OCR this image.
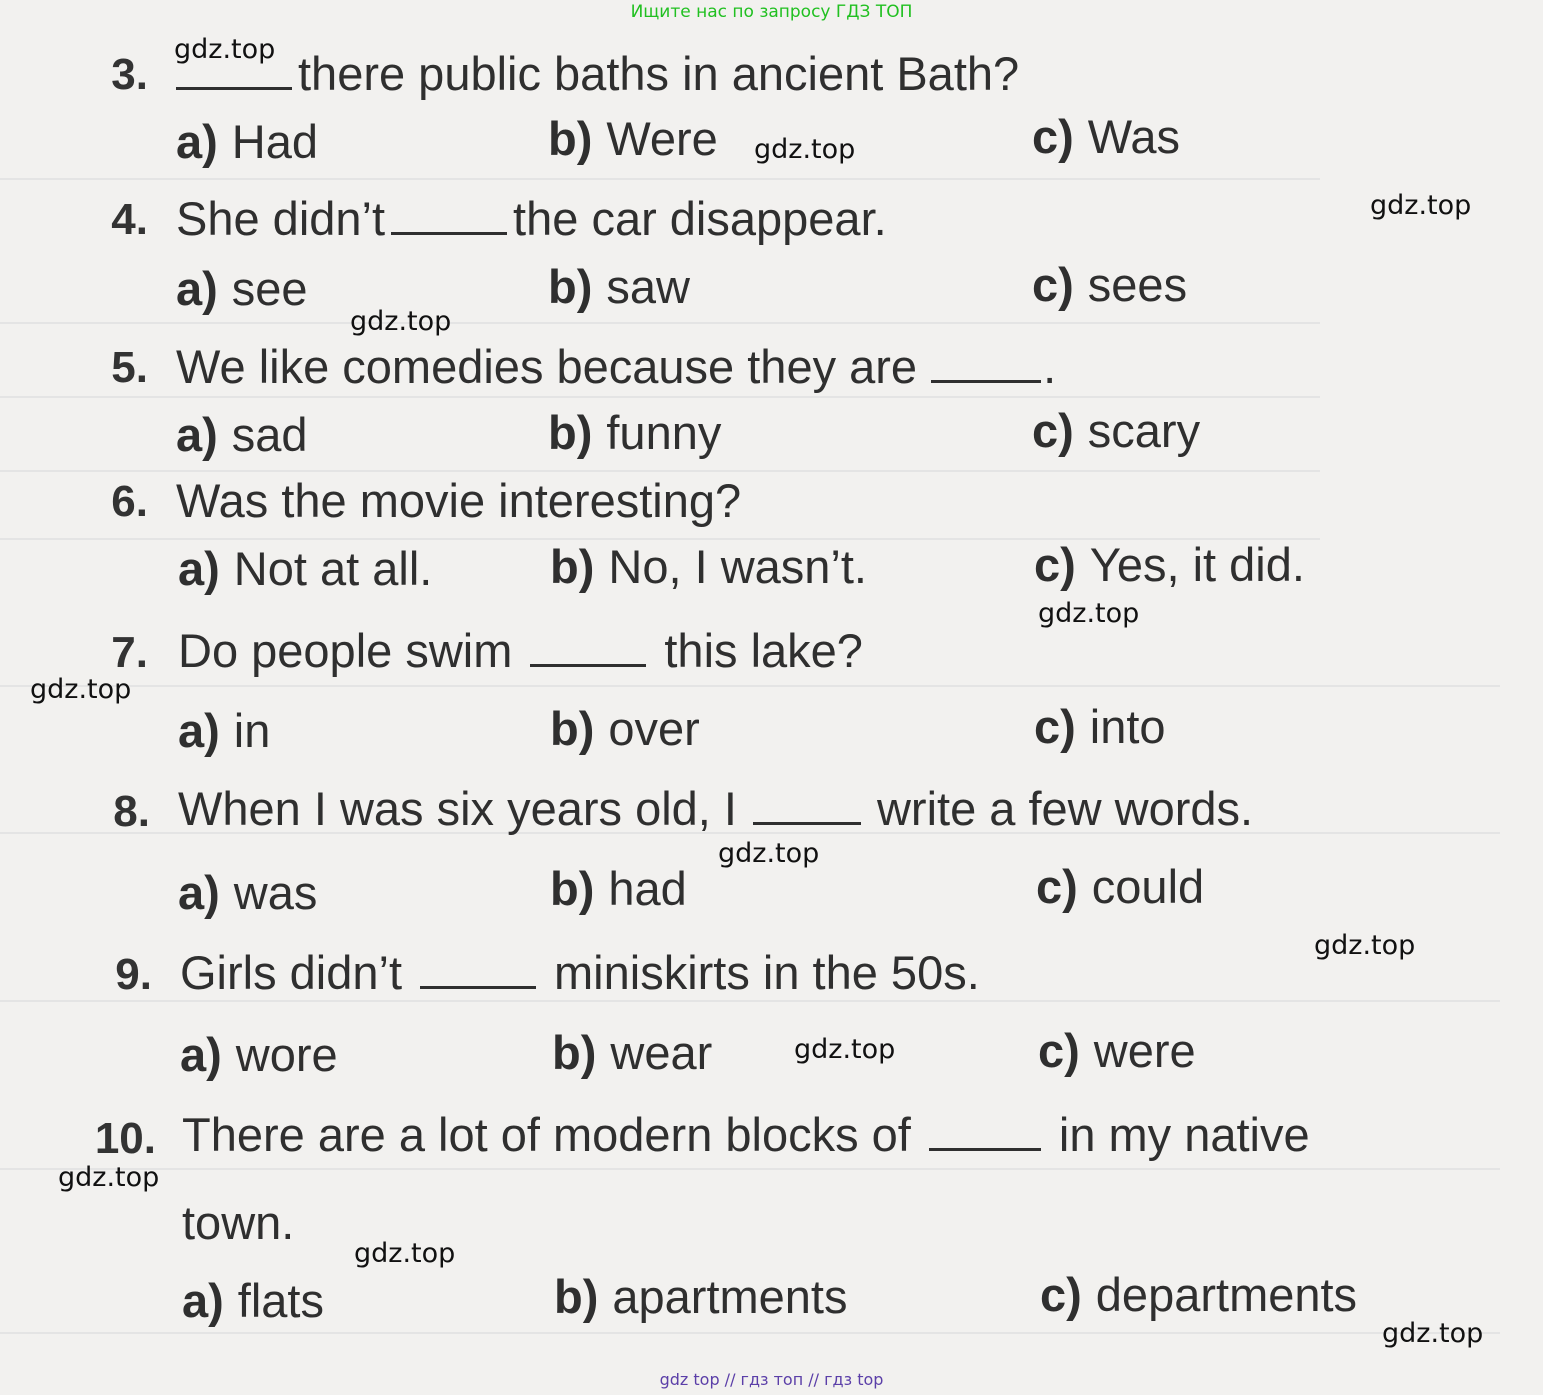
Ищите нас по запросу ГДЗ ТОП
gdz top // гдз топ // гдз top
3.	there public baths in ancient Bath?
a) Had	b) Were	c) Was
4. She didn’t	the car disappear.
a) see	b) saw	c) sees
5. We like comedies because they are	.
a) sad	b) funny	c) scary
6. Was the movie interesting?
a) Not at all.	b) No, I wasn’t.	c) Yes, it did.
7. Do people swim	this lake?
a) in	b) over	c) into
8. When I was six years old, I	write a few words.
a) was	b) had	c) could
9. Girls didn’t	miniskirts in the 50s.
a) wore	b) wear	c) were
10. There are a lot of modern blocks of	in my native
town.
a) flats	b) apartments	c) departments
gdz.top
gdz.top
gdz.top
gdz.top
gdz.top
gdz.top
gdz.top
gdz.top
gdz.top
gdz.top
gdz.top
gdz.top
